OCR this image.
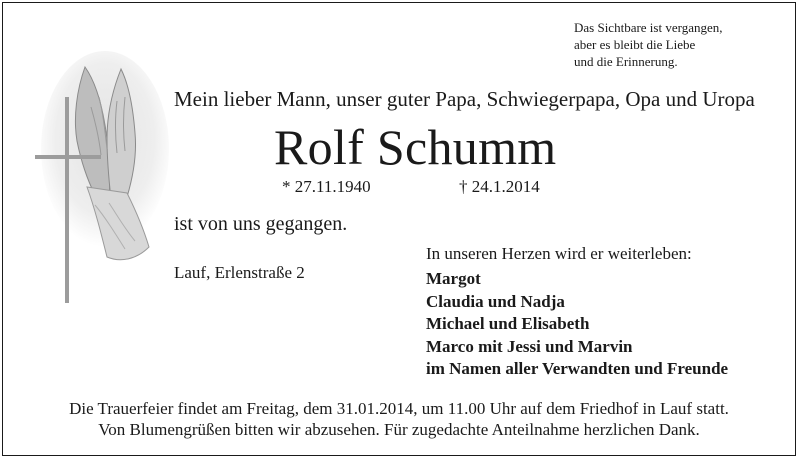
Das Sichtbare ist vergangen,
aber es bleibt die Liebe
und die Erinnerung.
Mein lieber Mann, unser guter Papa, Schwiegerpapa, Opa und Uropa
Rolf Schumm
* 27.11.1940	† 24.1.2014
ist von uns gegangen.
Lauf, Erlenstraße 2
In unseren Herzen wird er weiterleben:
Margot
Claudia und Nadja
Michael und Elisabeth
Marco mit Jessi und Marvin
im Namen aller Verwandten und Freunde
Die Trauerfeier findet am Freitag, dem 31.01.2014, um 11.00 Uhr auf dem Friedhof in Lauf statt.
Von Blumengrüßen bitten wir abzusehen. Für zugedachte Anteilnahme herzlichen Dank.
